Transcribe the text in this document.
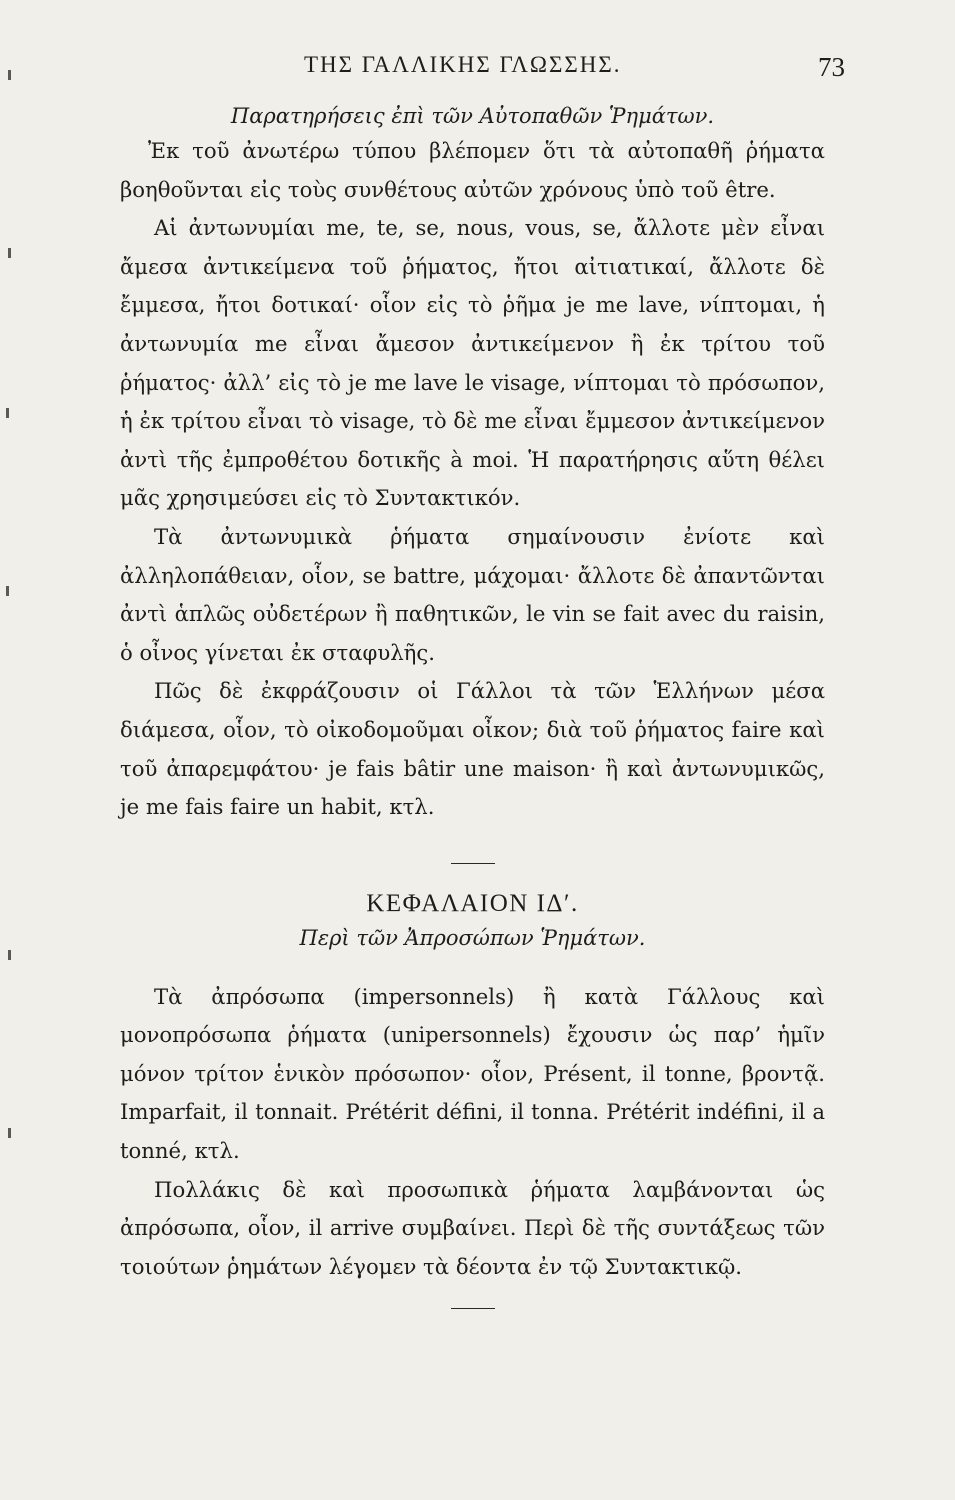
ΤΗΣ ΓΑΛΛΙΚΗΣ ΓΛΩΣΣΗΣ.	73
Παρατηρήσεις ἐπὶ τῶν Αὐτοπαθῶν Ῥημάτων.

Ἐκ τοῦ ἀνωτέρω τύπου βλέπομεν ὅτι τὰ αὐτοπαθῆ ῥήματα βοηθοῦνται εἰς τοὺς συνθέτους αὐτῶν χρόνους ὑπὸ τοῦ être.

Αἱ ἀντωνυμίαι me, te, se, nous, vous, se, ἄλλοτε μὲν εἶναι ἄμεσα ἀντικείμενα τοῦ ῥήματος, ἤτοι αἰτιατικαί, ἄλλοτε δὲ ἔμμεσα, ἤτοι δοτικαί· οἷον εἰς τὸ ῥῆμα je me lave, νίπτομαι, ἡ ἀντωνυμία me εἶναι ἄμεσον ἀντικείμενον ἢ ἐκ τρίτου τοῦ ῥήματος· ἀλλ’ εἰς τὸ je me lave le visage, νίπτομαι τὸ πρόσωπον, ἡ ἐκ τρίτου εἶναι τὸ visage, τὸ δὲ me εἶναι ἔμμεσον ἀντικείμενον ἀντὶ τῆς ἐμπροθέτου δοτικῆς à moi. Ἡ παρατήρησις αὕτη θέλει μᾶς χρησιμεύσει εἰς τὸ Συντακτικόν.

Τὰ ἀντωνυμικὰ ῥήματα σημαίνουσιν ἐνίοτε καὶ ἀλληλοπάθειαν, οἷον, se battre, μάχομαι· ἄλλοτε δὲ ἀπαντῶνται ἀντὶ ἁπλῶς οὐδετέρων ἢ παθητικῶν, le vin se fait avec du raisin, ὁ οἶνος γίνεται ἐκ σταφυλῆς.

Πῶς δὲ ἐκφράζουσιν οἱ Γάλλοι τὰ τῶν Ἑλλήνων μέσα διάμεσα, οἷον, τὸ οἰκοδομοῦμαι οἶκον; διὰ τοῦ ῥήματος faire καὶ τοῦ ἀπαρεμφάτου· je fais bâtir une maison· ἢ καὶ ἀντωνυμικῶς, je me fais faire un habit, κτλ.

ΚΕΦΑΛΑΙΟΝ ΙΔʹ.
Περὶ τῶν Ἀπροσώπων Ῥημάτων.

Τὰ ἀπρόσωπα (impersonnels) ἢ κατὰ Γάλλους καὶ μονοπρόσωπα ῥήματα (unipersonnels) ἔχουσιν ὡς παρ’ ἡμῖν μόνον τρίτον ἑνικὸν πρόσωπον· οἷον, Présent, il tonne, βροντᾷ. Imparfait, il tonnait. Prétérit défini, il tonna. Prétérit indéfini, il a tonné, κτλ.

Πολλάκις δὲ καὶ προσωπικὰ ῥήματα λαμβάνονται ὡς ἀπρόσωπα, οἷον, il arrive συμβαίνει. Περὶ δὲ τῆς συντάξεως τῶν τοιούτων ῥημάτων λέγομεν τὰ δέοντα ἐν τῷ Συντακτικῷ.
